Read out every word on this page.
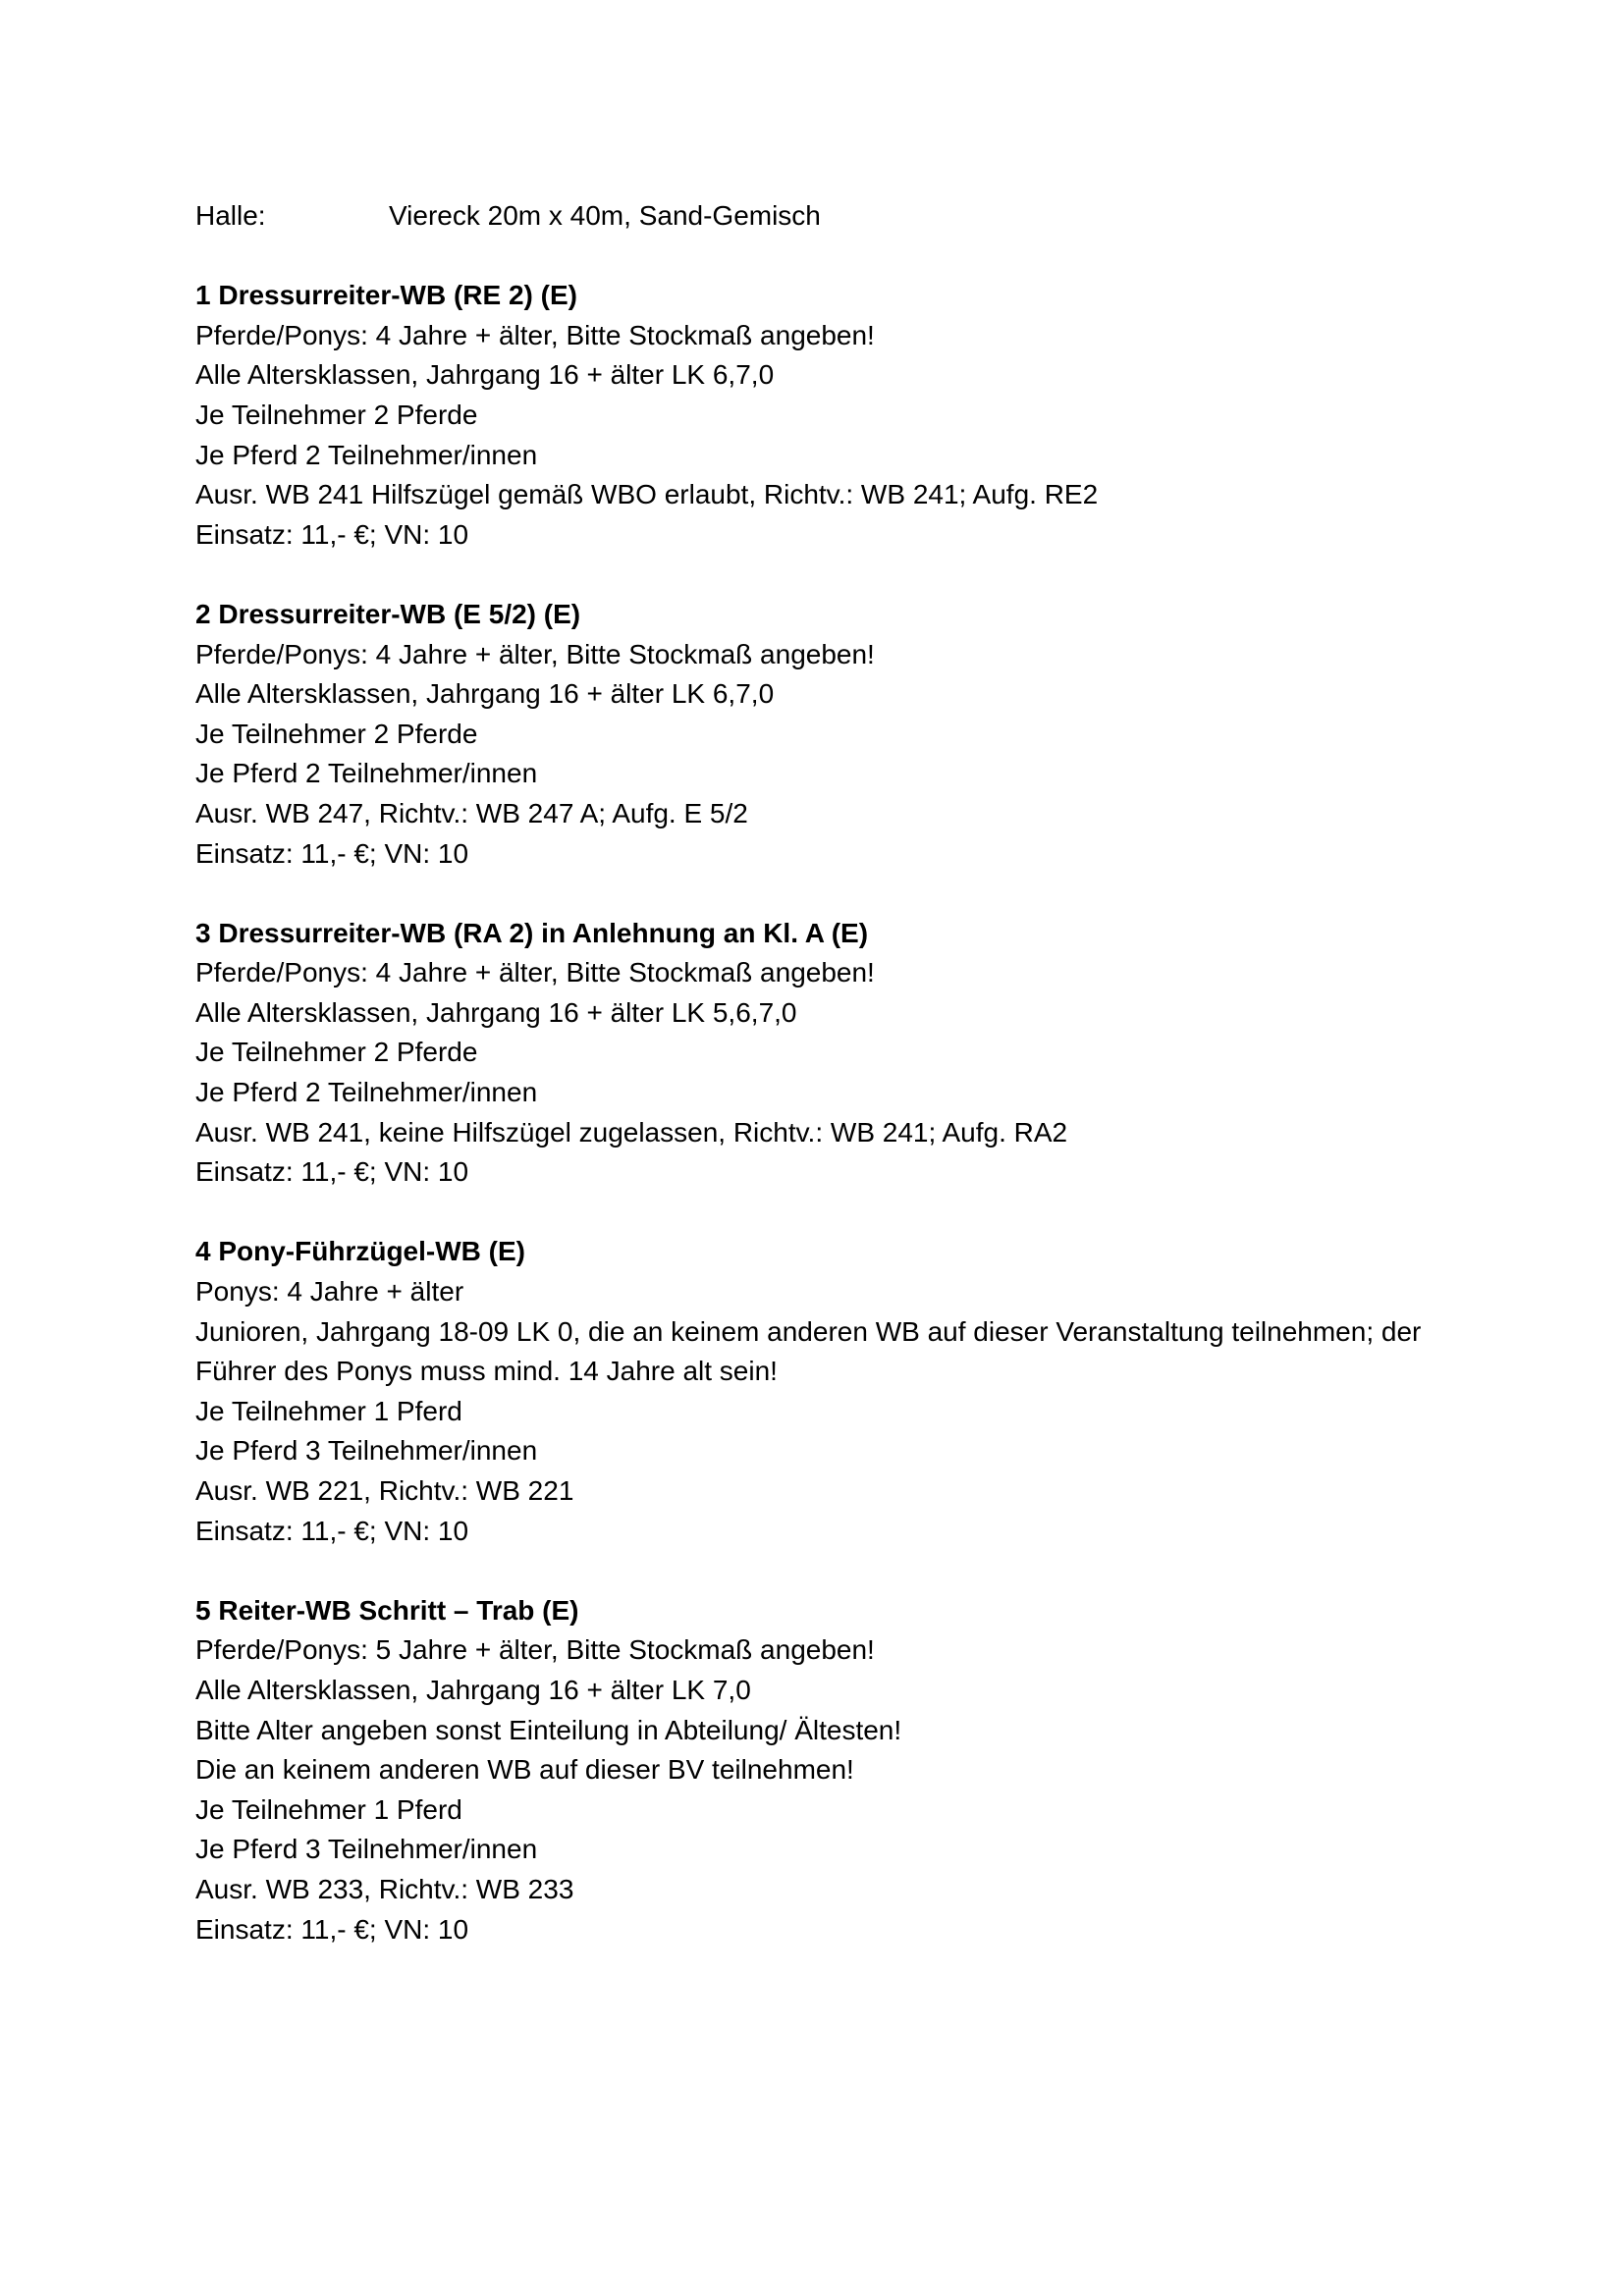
Halle:	Viereck 20m x 40m, Sand-Gemisch
1 Dressurreiter-WB (RE 2) (E)
Pferde/Ponys: 4 Jahre + älter, Bitte Stockmaß angeben!
Alle Altersklassen, Jahrgang 16 + älter LK 6,7,0
Je Teilnehmer 2 Pferde
Je Pferd 2 Teilnehmer/innen
Ausr. WB 241 Hilfszügel gemäß WBO erlaubt, Richtv.: WB 241; Aufg. RE2
Einsatz: 11,- €; VN: 10
2 Dressurreiter-WB (E 5/2) (E)
Pferde/Ponys: 4 Jahre + älter, Bitte Stockmaß angeben!
Alle Altersklassen, Jahrgang 16 + älter LK 6,7,0
Je Teilnehmer 2 Pferde
Je Pferd 2 Teilnehmer/innen
Ausr. WB 247, Richtv.: WB 247 A; Aufg. E 5/2
Einsatz: 11,- €; VN: 10
3 Dressurreiter-WB (RA 2) in Anlehnung an Kl. A (E)
Pferde/Ponys: 4 Jahre + älter, Bitte Stockmaß angeben!
Alle Altersklassen, Jahrgang 16 + älter LK 5,6,7,0
Je Teilnehmer 2 Pferde
Je Pferd 2 Teilnehmer/innen
Ausr. WB 241, keine Hilfszügel zugelassen, Richtv.: WB 241; Aufg. RA2
Einsatz: 11,- €; VN: 10
4 Pony-Führzügel-WB (E)
Ponys: 4 Jahre + älter
Junioren, Jahrgang 18-09 LK 0, die an keinem anderen WB auf dieser Veranstaltung teilnehmen; der
Führer des Ponys muss mind. 14 Jahre alt sein!
Je Teilnehmer 1 Pferd
Je Pferd 3 Teilnehmer/innen
Ausr. WB 221, Richtv.: WB 221
Einsatz: 11,- €; VN: 10
5 Reiter-WB Schritt – Trab (E)
Pferde/Ponys: 5 Jahre + älter, Bitte Stockmaß angeben!
Alle Altersklassen, Jahrgang 16 + älter LK 7,0
Bitte Alter angeben sonst Einteilung in Abteilung/ Ältesten!
Die an keinem anderen WB auf dieser BV teilnehmen!
Je Teilnehmer 1 Pferd
Je Pferd 3 Teilnehmer/innen
Ausr. WB 233, Richtv.: WB 233
Einsatz: 11,- €; VN: 10
